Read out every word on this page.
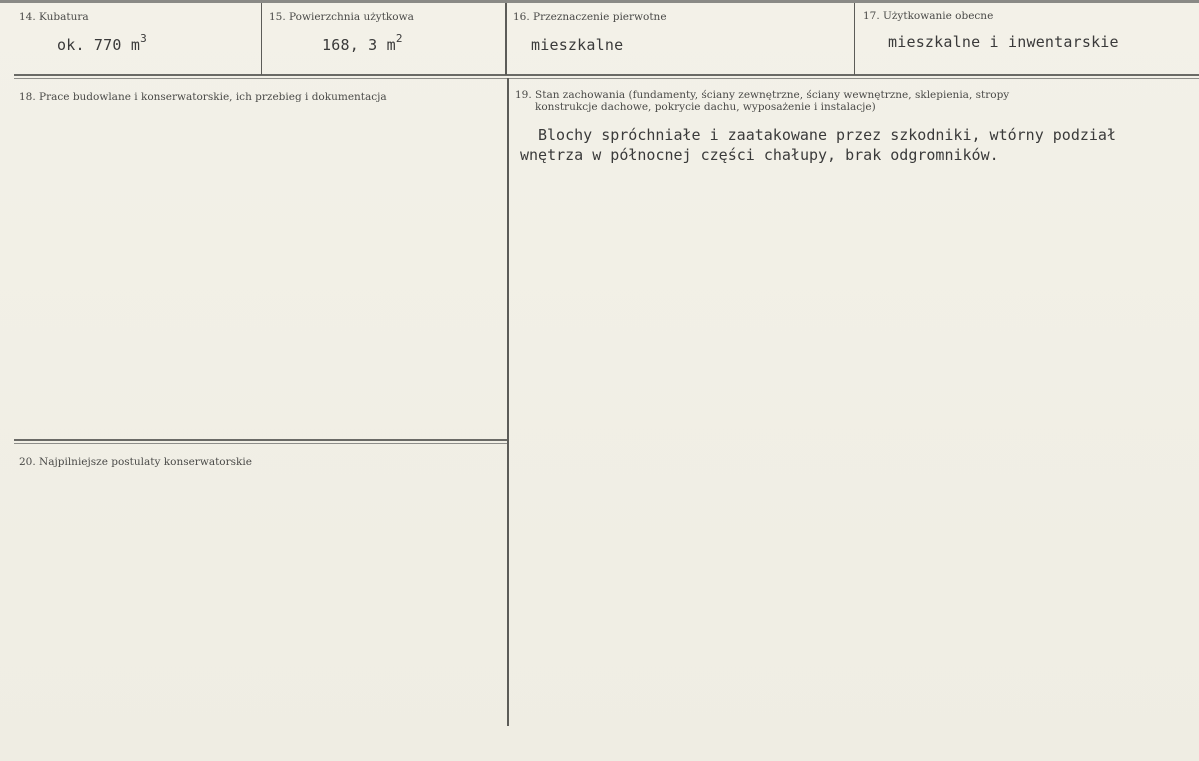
14. Kubatura
ok. 770 $m^3$
15. Powierzchnia użytkowa
168, 3 $m^2$
16. Przeznaczenie pierwotne
mieszkalne
17. Użytkowanie obecne
mieszkalne i inwentarskie
18. Prace budowlane i konserwatorskie, ich przebieg i dokumentacja	19. Stan zachowania (fundamenty, ściany zewnętrzne, ściany wewnętrzne, sklepienia, stropy
konstrukcje dachowe, pokrycie dachu, wyposażenie i instalacje)
Blochy spróchniałe i zaatakowane przez szkodniki, wtórny podział
wnętrza w północnej części chałupy, brak odgromników.
20. Najpilniejsze postulaty konserwatorskie
